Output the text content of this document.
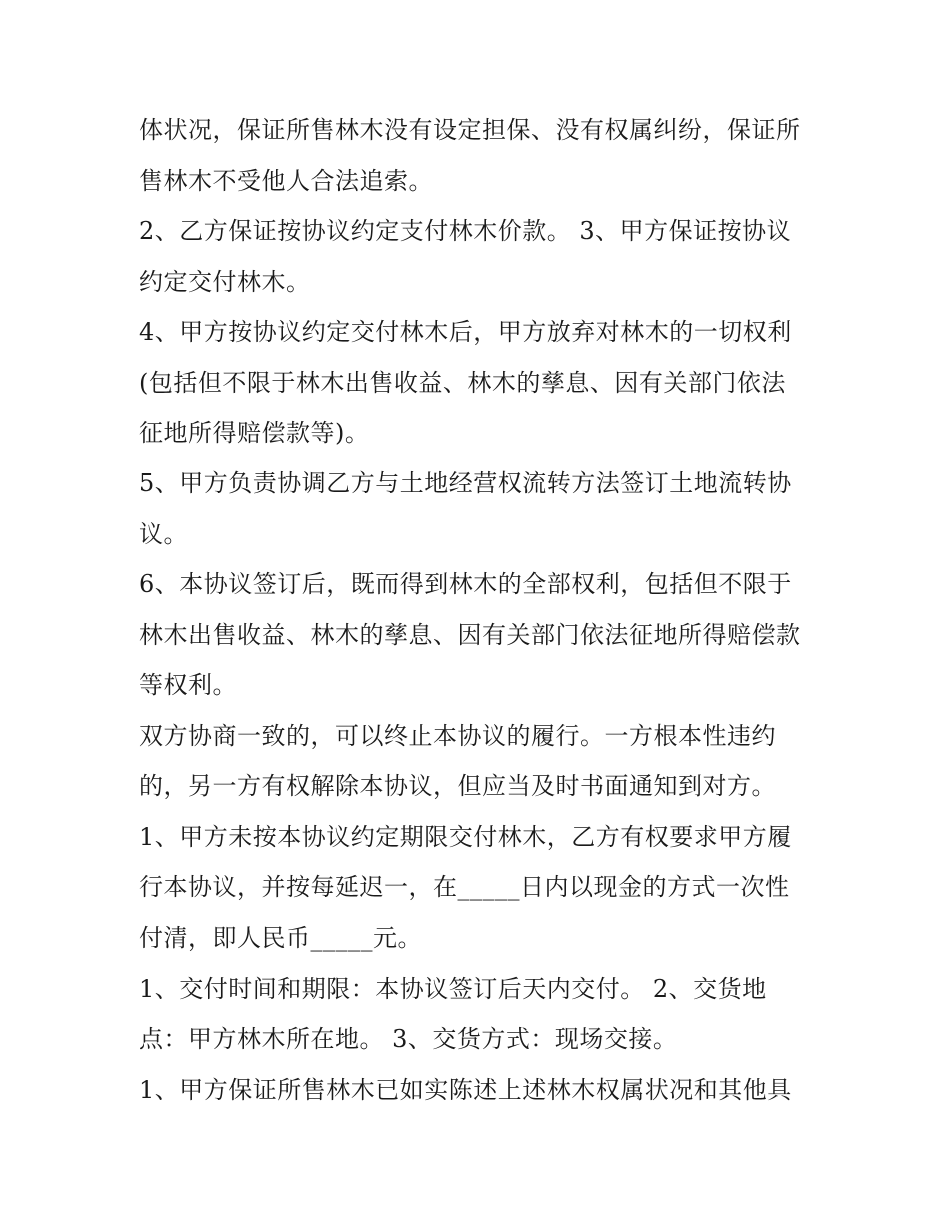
体状况，保证所售林木没有设定担保、没有权属纠纷，保证所
售林木不受他人合法追索。
2、乙方保证按协议约定支付林木价款。 3、甲方保证按协议
约定交付林木。
4、甲方按协议约定交付林木后，甲方放弃对林木的一切权利
(包括但不限于林木出售收益、林木的孳息、因有关部门依法
征地所得赔偿款等)。
5、甲方负责协调乙方与土地经营权流转方法签订土地流转协
议。
6、本协议签订后，既而得到林木的全部权利，包括但不限于
林木出售收益、林木的孳息、因有关部门依法征地所得赔偿款
等权利。
双方协商一致的，可以终止本协议的履行。一方根本性违约
的，另一方有权解除本协议，但应当及时书面通知到对方。
1、甲方未按本协议约定期限交付林木，乙方有权要求甲方履
行本协议，并按每延迟一，在_____日内以现金的方式一次性
付清，即人民币_____元。
1、交付时间和期限：本协议签订后天内交付。 2、交货地
点：甲方林木所在地。 3、交货方式：现场交接。
1、甲方保证所售林木已如实陈述上述林木权属状况和其他具
